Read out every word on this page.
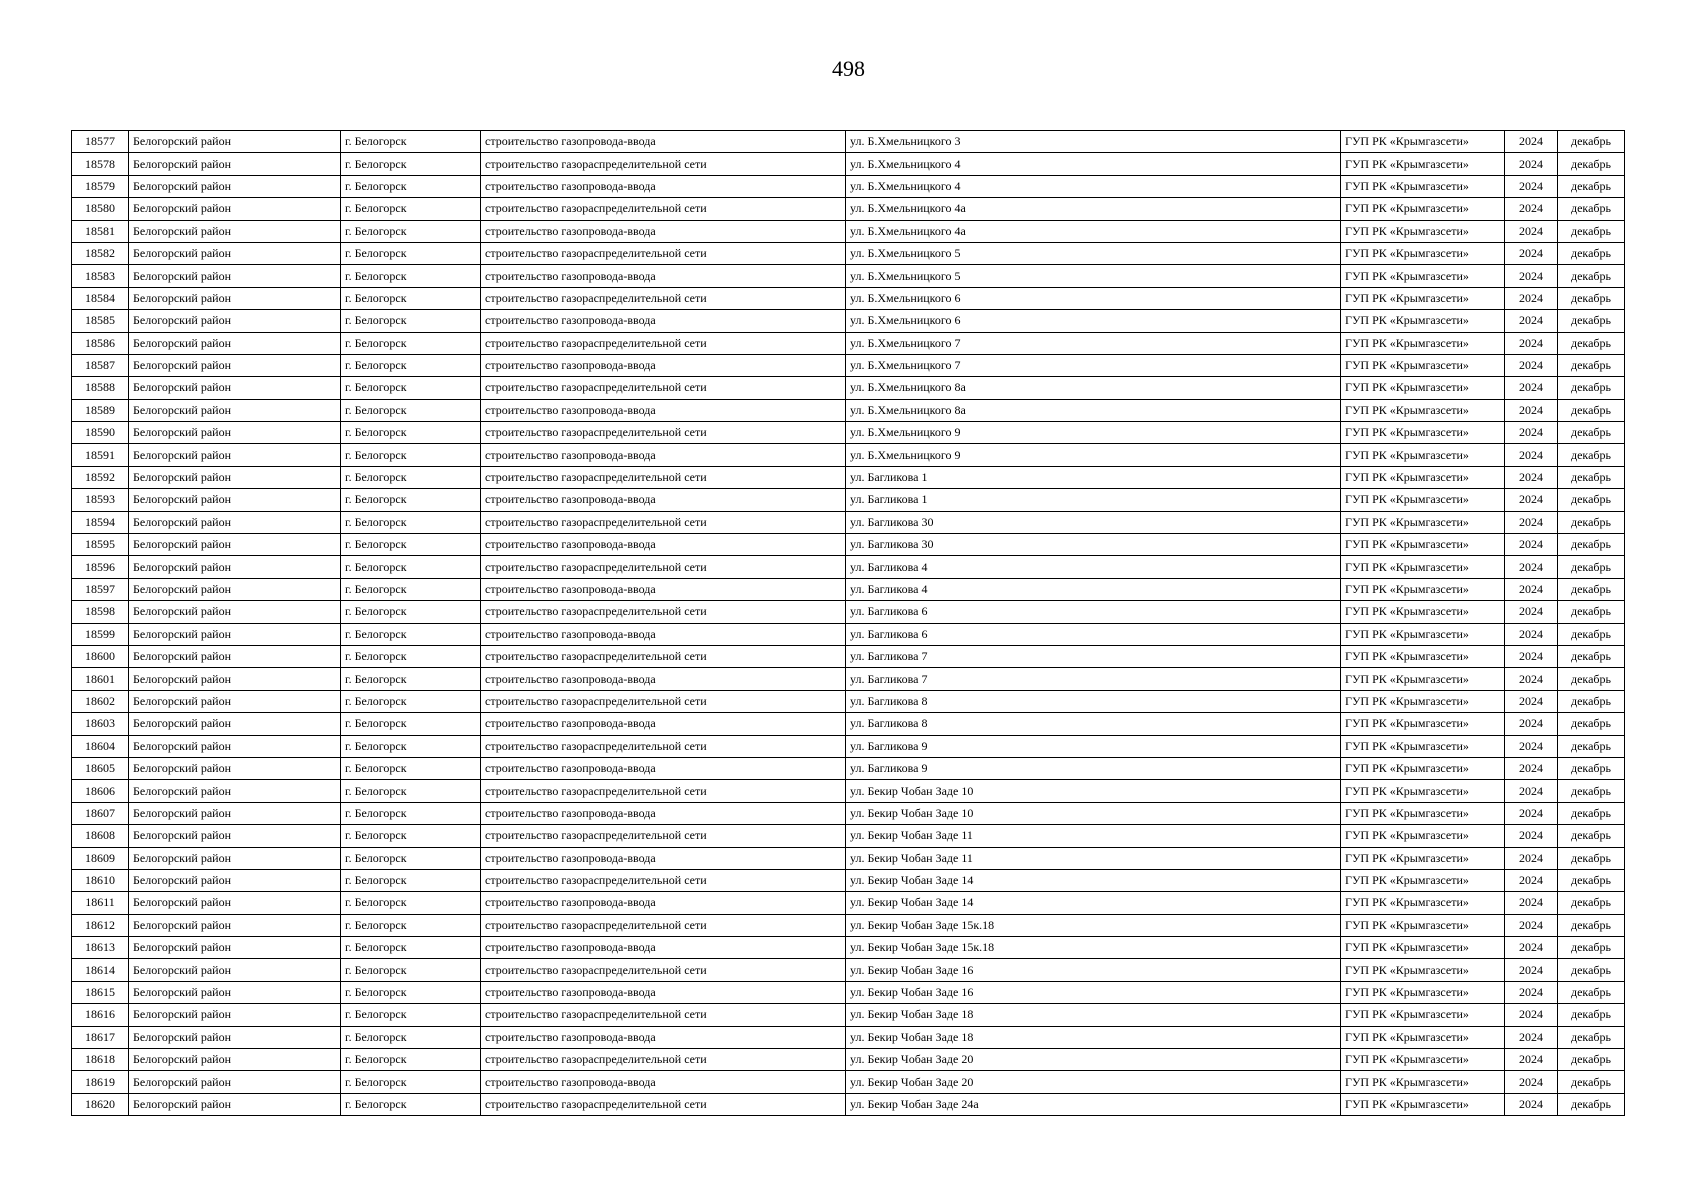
498
18577	Белогорский район	г. Белогорск	строительство газопровода-ввода	ул. Б.Хмельницкого 3	ГУП РК «Крымгазсети»	2024	декабрь
18578	Белогорский район	г. Белогорск	строительство газораспределительной сети	ул. Б.Хмельницкого 4	ГУП РК «Крымгазсети»	2024	декабрь
18579	Белогорский район	г. Белогорск	строительство газопровода-ввода	ул. Б.Хмельницкого 4	ГУП РК «Крымгазсети»	2024	декабрь
18580	Белогорский район	г. Белогорск	строительство газораспределительной сети	ул. Б.Хмельницкого 4а	ГУП РК «Крымгазсети»	2024	декабрь
18581	Белогорский район	г. Белогорск	строительство газопровода-ввода	ул. Б.Хмельницкого 4а	ГУП РК «Крымгазсети»	2024	декабрь
18582	Белогорский район	г. Белогорск	строительство газораспределительной сети	ул. Б.Хмельницкого 5	ГУП РК «Крымгазсети»	2024	декабрь
18583	Белогорский район	г. Белогорск	строительство газопровода-ввода	ул. Б.Хмельницкого 5	ГУП РК «Крымгазсети»	2024	декабрь
18584	Белогорский район	г. Белогорск	строительство газораспределительной сети	ул. Б.Хмельницкого 6	ГУП РК «Крымгазсети»	2024	декабрь
18585	Белогорский район	г. Белогорск	строительство газопровода-ввода	ул. Б.Хмельницкого 6	ГУП РК «Крымгазсети»	2024	декабрь
18586	Белогорский район	г. Белогорск	строительство газораспределительной сети	ул. Б.Хмельницкого 7	ГУП РК «Крымгазсети»	2024	декабрь
18587	Белогорский район	г. Белогорск	строительство газопровода-ввода	ул. Б.Хмельницкого 7	ГУП РК «Крымгазсети»	2024	декабрь
18588	Белогорский район	г. Белогорск	строительство газораспределительной сети	ул. Б.Хмельницкого 8а	ГУП РК «Крымгазсети»	2024	декабрь
18589	Белогорский район	г. Белогорск	строительство газопровода-ввода	ул. Б.Хмельницкого 8а	ГУП РК «Крымгазсети»	2024	декабрь
18590	Белогорский район	г. Белогорск	строительство газораспределительной сети	ул. Б.Хмельницкого 9	ГУП РК «Крымгазсети»	2024	декабрь
18591	Белогорский район	г. Белогорск	строительство газопровода-ввода	ул. Б.Хмельницкого 9	ГУП РК «Крымгазсети»	2024	декабрь
18592	Белогорский район	г. Белогорск	строительство газораспределительной сети	ул. Багликова 1	ГУП РК «Крымгазсети»	2024	декабрь
18593	Белогорский район	г. Белогорск	строительство газопровода-ввода	ул. Багликова 1	ГУП РК «Крымгазсети»	2024	декабрь
18594	Белогорский район	г. Белогорск	строительство газораспределительной сети	ул. Багликова 30	ГУП РК «Крымгазсети»	2024	декабрь
18595	Белогорский район	г. Белогорск	строительство газопровода-ввода	ул. Багликова 30	ГУП РК «Крымгазсети»	2024	декабрь
18596	Белогорский район	г. Белогорск	строительство газораспределительной сети	ул. Багликова 4	ГУП РК «Крымгазсети»	2024	декабрь
18597	Белогорский район	г. Белогорск	строительство газопровода-ввода	ул. Багликова 4	ГУП РК «Крымгазсети»	2024	декабрь
18598	Белогорский район	г. Белогорск	строительство газораспределительной сети	ул. Багликова 6	ГУП РК «Крымгазсети»	2024	декабрь
18599	Белогорский район	г. Белогорск	строительство газопровода-ввода	ул. Багликова 6	ГУП РК «Крымгазсети»	2024	декабрь
18600	Белогорский район	г. Белогорск	строительство газораспределительной сети	ул. Багликова 7	ГУП РК «Крымгазсети»	2024	декабрь
18601	Белогорский район	г. Белогорск	строительство газопровода-ввода	ул. Багликова 7	ГУП РК «Крымгазсети»	2024	декабрь
18602	Белогорский район	г. Белогорск	строительство газораспределительной сети	ул. Багликова 8	ГУП РК «Крымгазсети»	2024	декабрь
18603	Белогорский район	г. Белогорск	строительство газопровода-ввода	ул. Багликова 8	ГУП РК «Крымгазсети»	2024	декабрь
18604	Белогорский район	г. Белогорск	строительство газораспределительной сети	ул. Багликова 9	ГУП РК «Крымгазсети»	2024	декабрь
18605	Белогорский район	г. Белогорск	строительство газопровода-ввода	ул. Багликова 9	ГУП РК «Крымгазсети»	2024	декабрь
18606	Белогорский район	г. Белогорск	строительство газораспределительной сети	ул. Бекир Чобан Заде 10	ГУП РК «Крымгазсети»	2024	декабрь
18607	Белогорский район	г. Белогорск	строительство газопровода-ввода	ул. Бекир Чобан Заде 10	ГУП РК «Крымгазсети»	2024	декабрь
18608	Белогорский район	г. Белогорск	строительство газораспределительной сети	ул. Бекир Чобан Заде 11	ГУП РК «Крымгазсети»	2024	декабрь
18609	Белогорский район	г. Белогорск	строительство газопровода-ввода	ул. Бекир Чобан Заде 11	ГУП РК «Крымгазсети»	2024	декабрь
18610	Белогорский район	г. Белогорск	строительство газораспределительной сети	ул. Бекир Чобан Заде 14	ГУП РК «Крымгазсети»	2024	декабрь
18611	Белогорский район	г. Белогорск	строительство газопровода-ввода	ул. Бекир Чобан Заде 14	ГУП РК «Крымгазсети»	2024	декабрь
18612	Белогорский район	г. Белогорск	строительство газораспределительной сети	ул. Бекир Чобан Заде 15к.18	ГУП РК «Крымгазсети»	2024	декабрь
18613	Белогорский район	г. Белогорск	строительство газопровода-ввода	ул. Бекир Чобан Заде 15к.18	ГУП РК «Крымгазсети»	2024	декабрь
18614	Белогорский район	г. Белогорск	строительство газораспределительной сети	ул. Бекир Чобан Заде 16	ГУП РК «Крымгазсети»	2024	декабрь
18615	Белогорский район	г. Белогорск	строительство газопровода-ввода	ул. Бекир Чобан Заде 16	ГУП РК «Крымгазсети»	2024	декабрь
18616	Белогорский район	г. Белогорск	строительство газораспределительной сети	ул. Бекир Чобан Заде 18	ГУП РК «Крымгазсети»	2024	декабрь
18617	Белогорский район	г. Белогорск	строительство газопровода-ввода	ул. Бекир Чобан Заде 18	ГУП РК «Крымгазсети»	2024	декабрь
18618	Белогорский район	г. Белогорск	строительство газораспределительной сети	ул. Бекир Чобан Заде 20	ГУП РК «Крымгазсети»	2024	декабрь
18619	Белогорский район	г. Белогорск	строительство газопровода-ввода	ул. Бекир Чобан Заде 20	ГУП РК «Крымгазсети»	2024	декабрь
18620	Белогорский район	г. Белогорск	строительство газораспределительной сети	ул. Бекир Чобан Заде 24а	ГУП РК «Крымгазсети»	2024	декабрь
